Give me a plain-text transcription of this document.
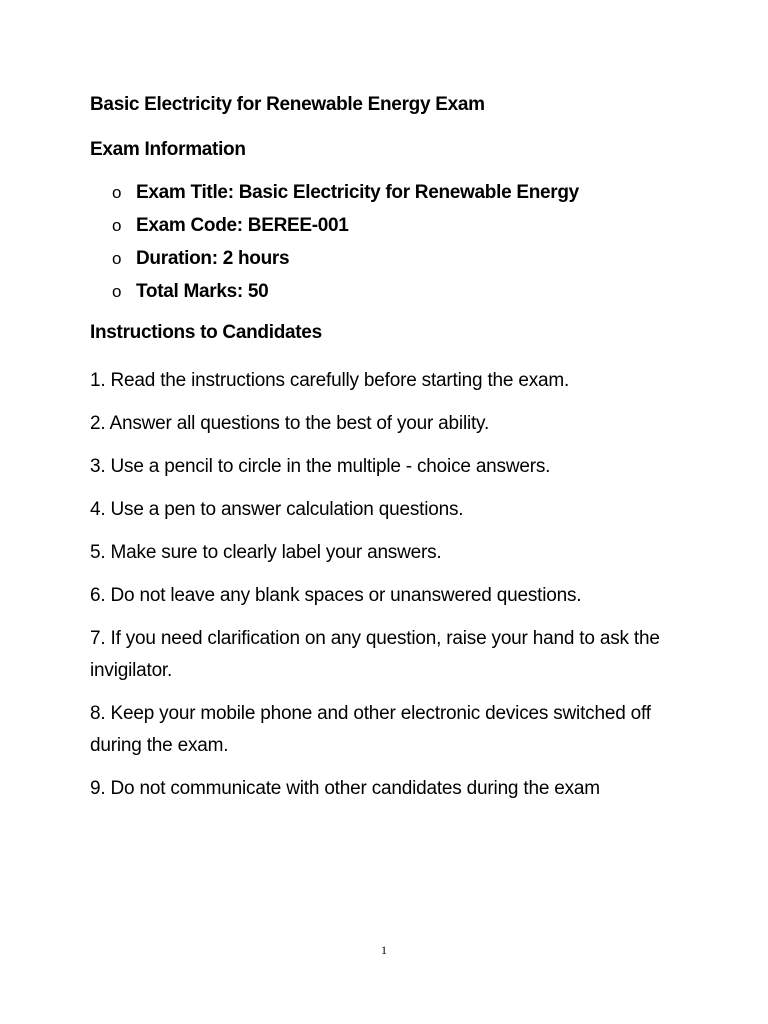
Basic Electricity for Renewable Energy Exam
Exam Information
o Exam Title: Basic Electricity for Renewable Energy
o Exam Code: BEREE-001
o Duration: 2 hours
o Total Marks: 50
Instructions to Candidates
1. Read the instructions carefully before starting the exam.
2. Answer all questions to the best of your ability.
3. Use a pencil to circle in the multiple - choice answers.
4. Use a pen to answer calculation questions.
5. Make sure to clearly label your answers.
6. Do not leave any blank spaces or unanswered questions.
7. If you need clarification on any question, raise your hand to ask the invigilator.
8. Keep your mobile phone and other electronic devices switched off during the exam.
9. Do not communicate with other candidates during the exam
1
